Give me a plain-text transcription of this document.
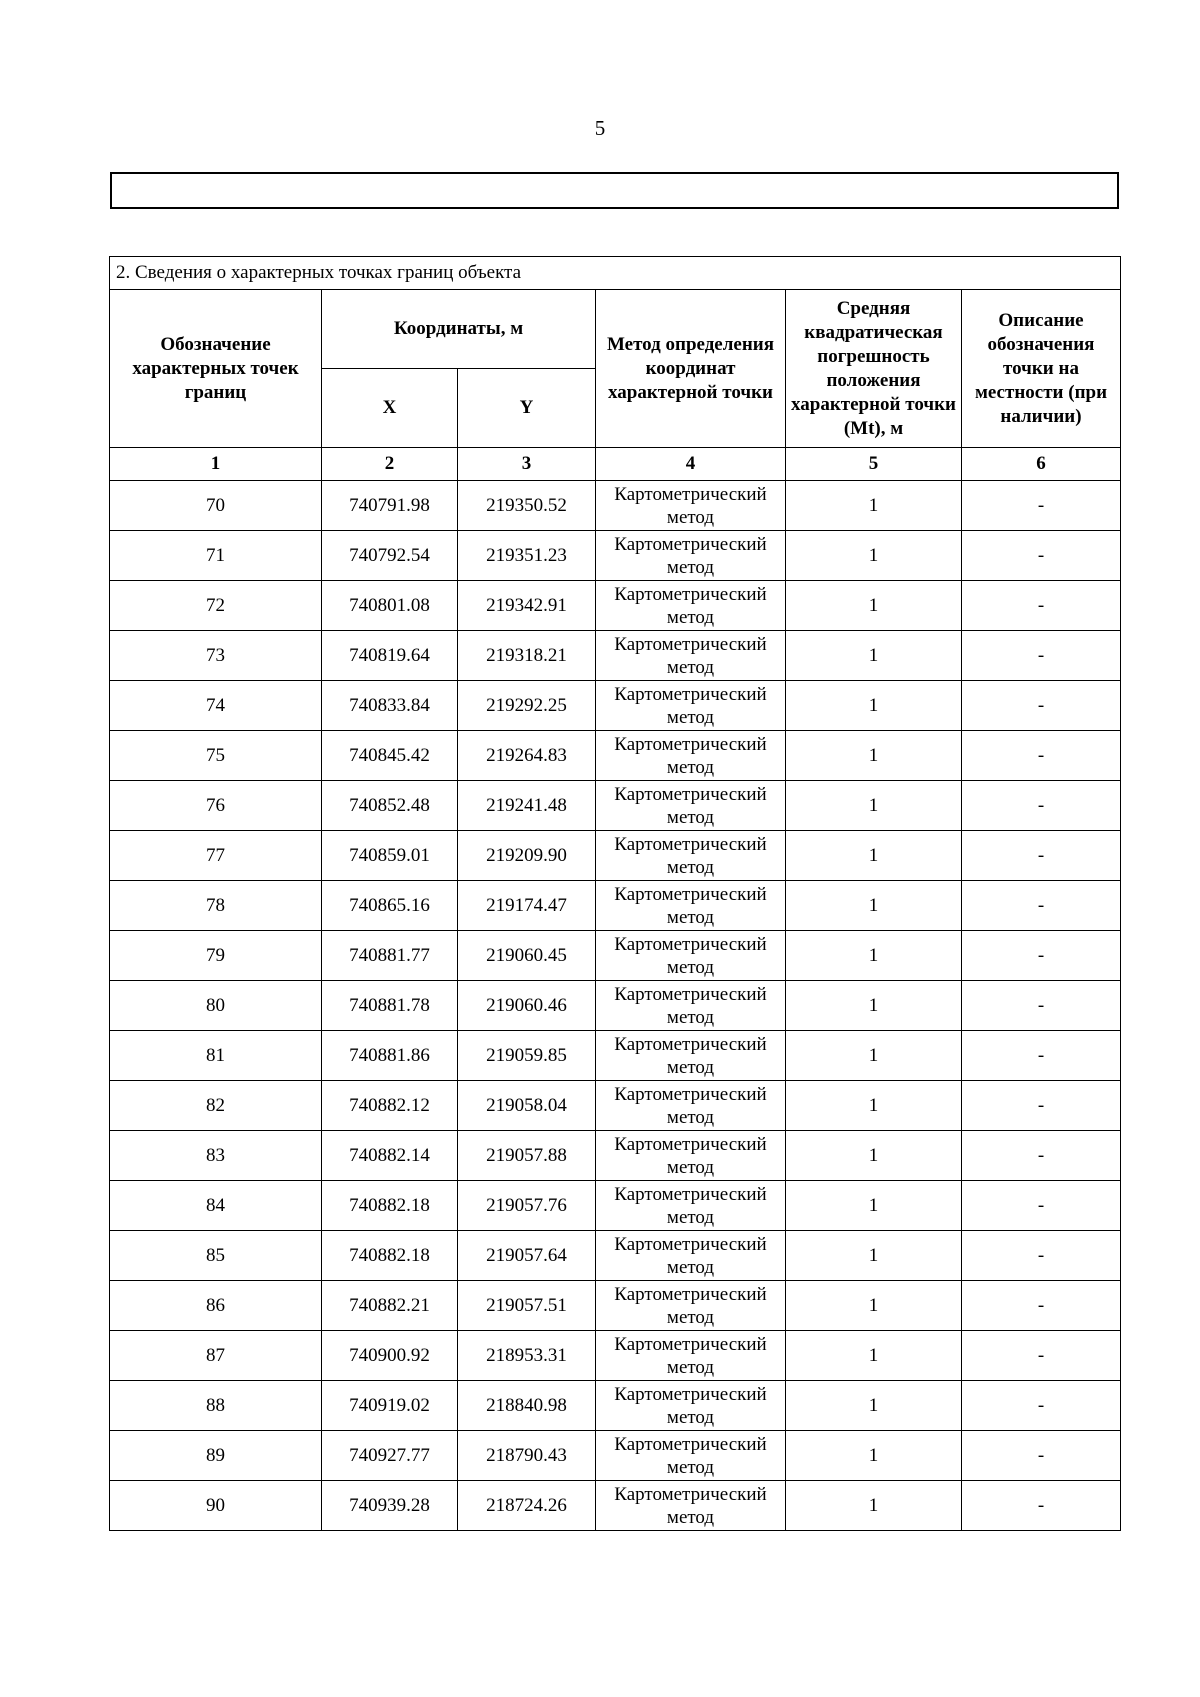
5
2. Сведения о характерных точках границ объекта					
Обозначение характерных точек границ	Координаты, м		Метод определения координат характерной точки	Средняя квадратическая погрешность положения характерной точки (Mt), м	Описание обозначения точки на местности (при наличии)
	X	Y			
1	2	3	4	5	6
70	740791.98	219350.52	Картометрический метод	1	-
71	740792.54	219351.23	Картометрический метод	1	-
72	740801.08	219342.91	Картометрический метод	1	-
73	740819.64	219318.21	Картометрический метод	1	-
74	740833.84	219292.25	Картометрический метод	1	-
75	740845.42	219264.83	Картометрический метод	1	-
76	740852.48	219241.48	Картометрический метод	1	-
77	740859.01	219209.90	Картометрический метод	1	-
78	740865.16	219174.47	Картометрический метод	1	-
79	740881.77	219060.45	Картометрический метод	1	-
80	740881.78	219060.46	Картометрический метод	1	-
81	740881.86	219059.85	Картометрический метод	1	-
82	740882.12	219058.04	Картометрический метод	1	-
83	740882.14	219057.88	Картометрический метод	1	-
84	740882.18	219057.76	Картометрический метод	1	-
85	740882.18	219057.64	Картометрический метод	1	-
86	740882.21	219057.51	Картометрический метод	1	-
87	740900.92	218953.31	Картометрический метод	1	-
88	740919.02	218840.98	Картометрический метод	1	-
89	740927.77	218790.43	Картометрический метод	1	-
90	740939.28	218724.26	Картометрический метод	1	-
